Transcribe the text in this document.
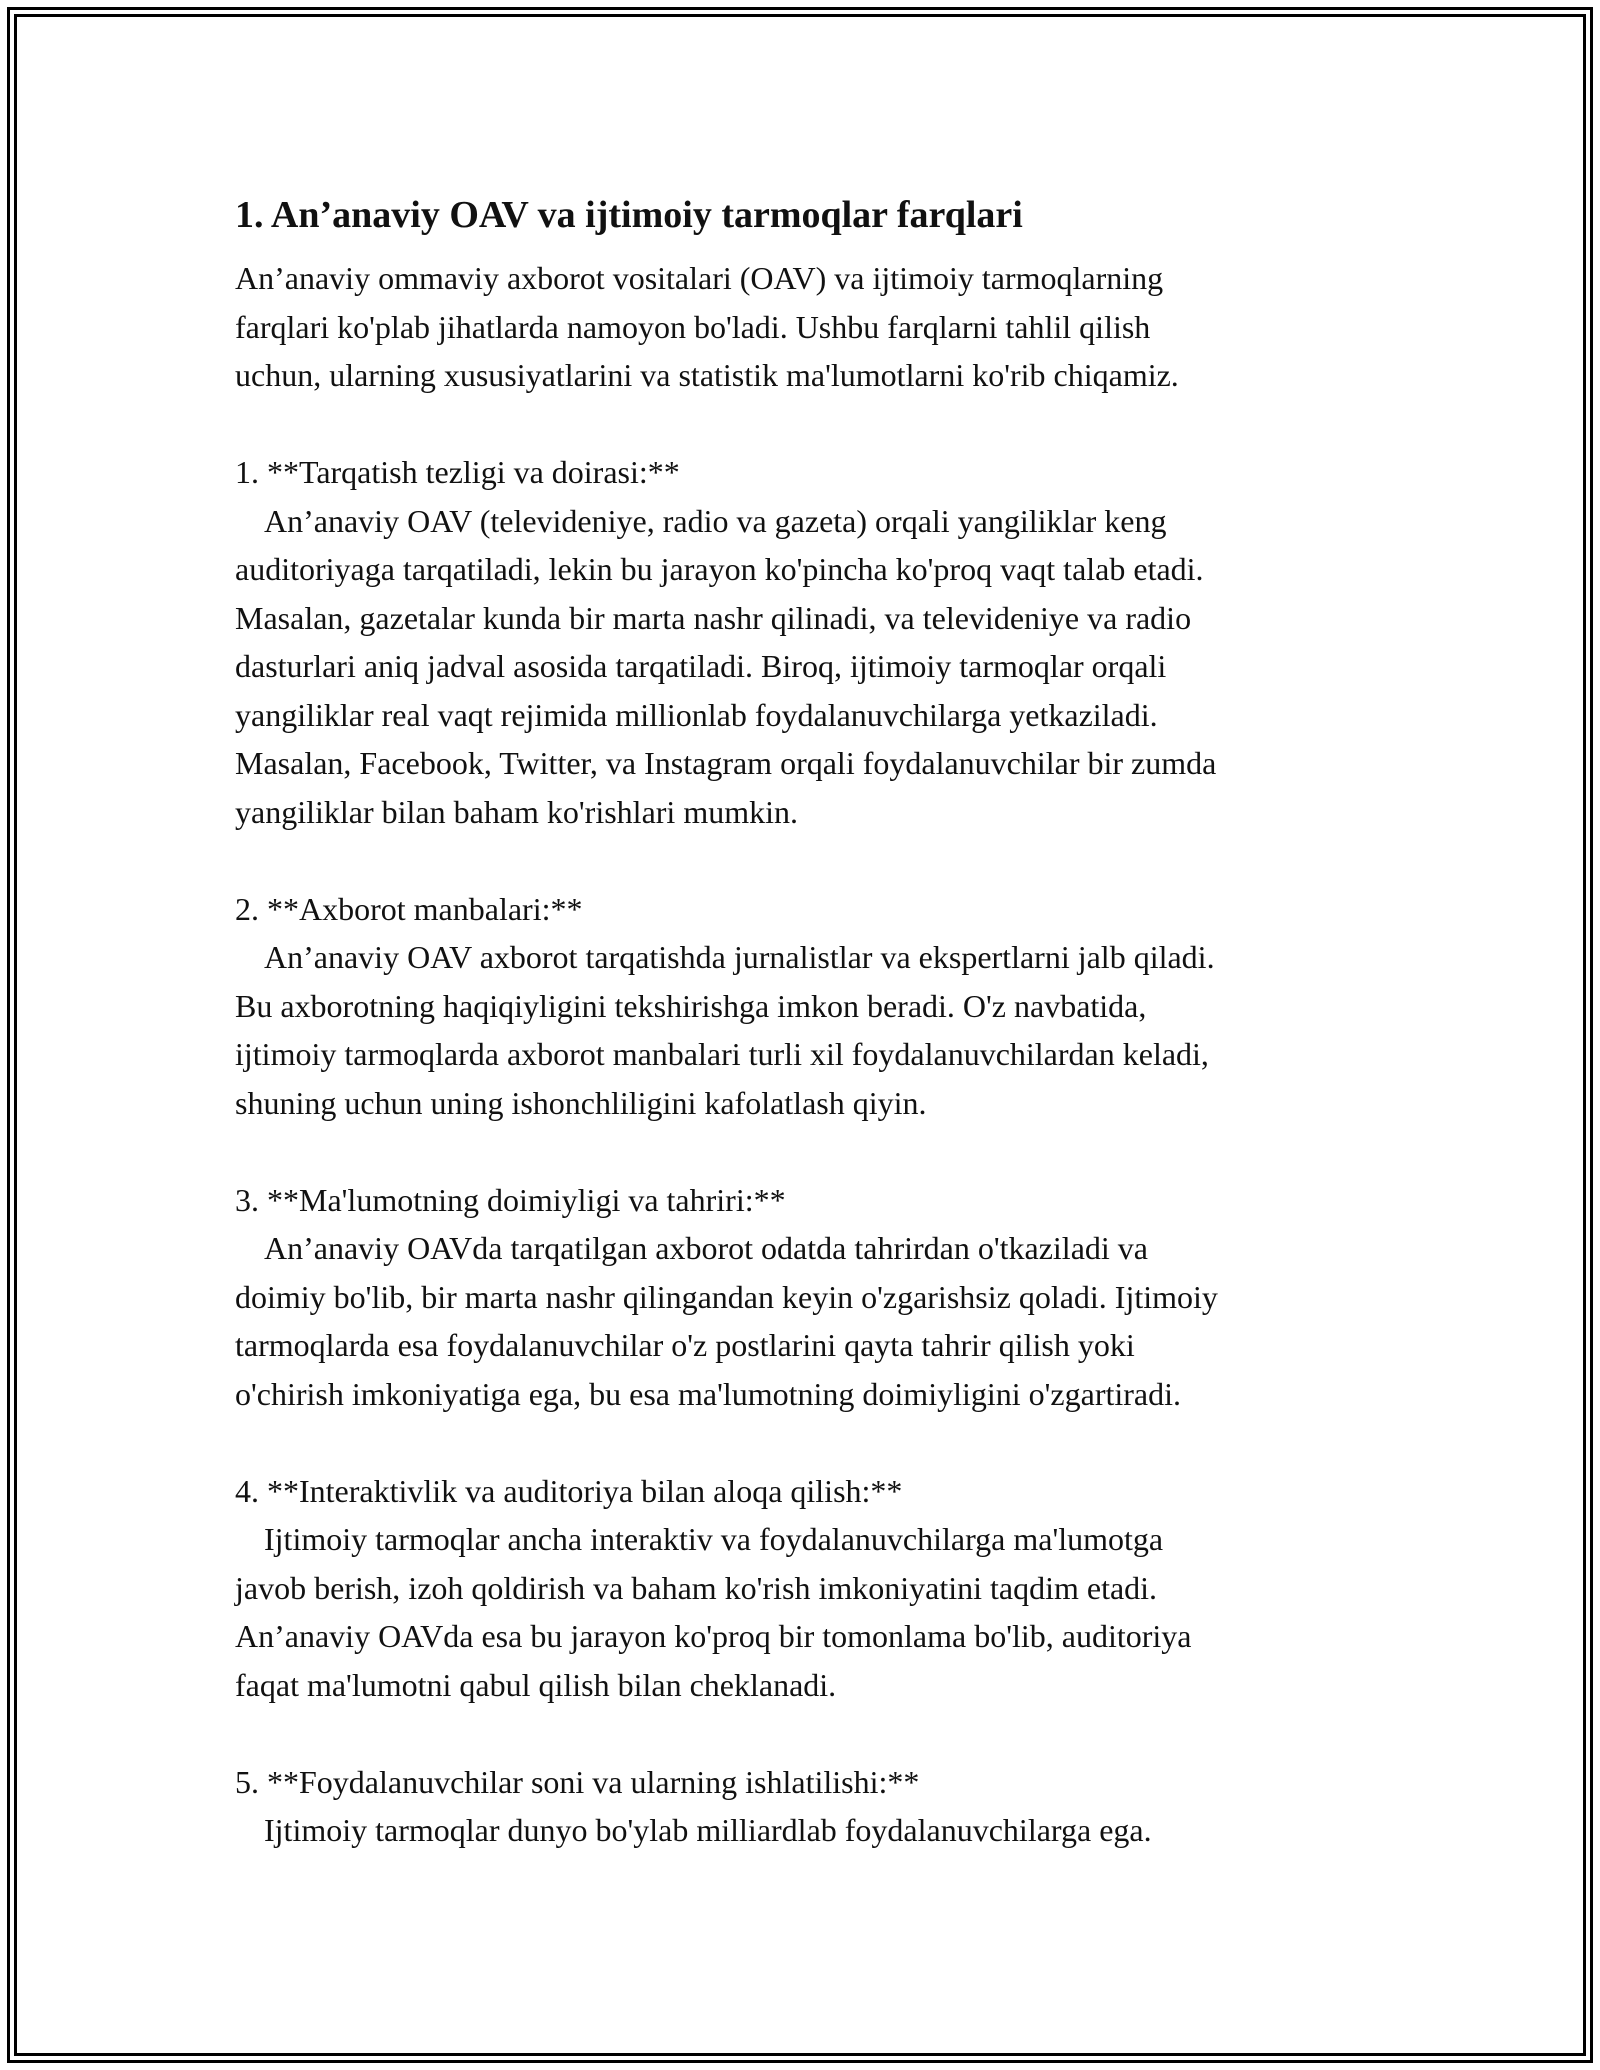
1. An’anaviy OAV va ijtimoiy tarmoqlar farqlari
An’anaviy ommaviy axborot vositalari (OAV) va ijtimoiy tarmoqlarning
farqlari ko'plab jihatlarda namoyon bo'ladi. Ushbu farqlarni tahlil qilish
uchun, ularning xususiyatlarini va statistik ma'lumotlarni ko'rib chiqamiz.
1. **Tarqatish tezligi va doirasi:**
An’anaviy OAV (televideniye, radio va gazeta) orqali yangiliklar keng
auditoriyaga tarqatiladi, lekin bu jarayon ko'pincha ko'proq vaqt talab etadi.
Masalan, gazetalar kunda bir marta nashr qilinadi, va televideniye va radio
dasturlari aniq jadval asosida tarqatiladi. Biroq, ijtimoiy tarmoqlar orqali
yangiliklar real vaqt rejimida millionlab foydalanuvchilarga yetkaziladi.
Masalan, Facebook, Twitter, va Instagram orqali foydalanuvchilar bir zumda
yangiliklar bilan baham ko'rishlari mumkin.
2. **Axborot manbalari:**
An’anaviy OAV axborot tarqatishda jurnalistlar va ekspertlarni jalb qiladi.
Bu axborotning haqiqiyligini tekshirishga imkon beradi. O'z navbatida,
ijtimoiy tarmoqlarda axborot manbalari turli xil foydalanuvchilardan keladi,
shuning uchun uning ishonchliligini kafolatlash qiyin.
3. **Ma'lumotning doimiyligi va tahriri:**
An’anaviy OAVda tarqatilgan axborot odatda tahrirdan o'tkaziladi va
doimiy bo'lib, bir marta nashr qilingandan keyin o'zgarishsiz qoladi. Ijtimoiy
tarmoqlarda esa foydalanuvchilar o'z postlarini qayta tahrir qilish yoki
o'chirish imkoniyatiga ega, bu esa ma'lumotning doimiyligini o'zgartiradi.
4. **Interaktivlik va auditoriya bilan aloqa qilish:**
Ijtimoiy tarmoqlar ancha interaktiv va foydalanuvchilarga ma'lumotga
javob berish, izoh qoldirish va baham ko'rish imkoniyatini taqdim etadi.
An’anaviy OAVda esa bu jarayon ko'proq bir tomonlama bo'lib, auditoriya
faqat ma'lumotni qabul qilish bilan cheklanadi.
5. **Foydalanuvchilar soni va ularning ishlatilishi:**
Ijtimoiy tarmoqlar dunyo bo'ylab milliardlab foydalanuvchilarga ega.
